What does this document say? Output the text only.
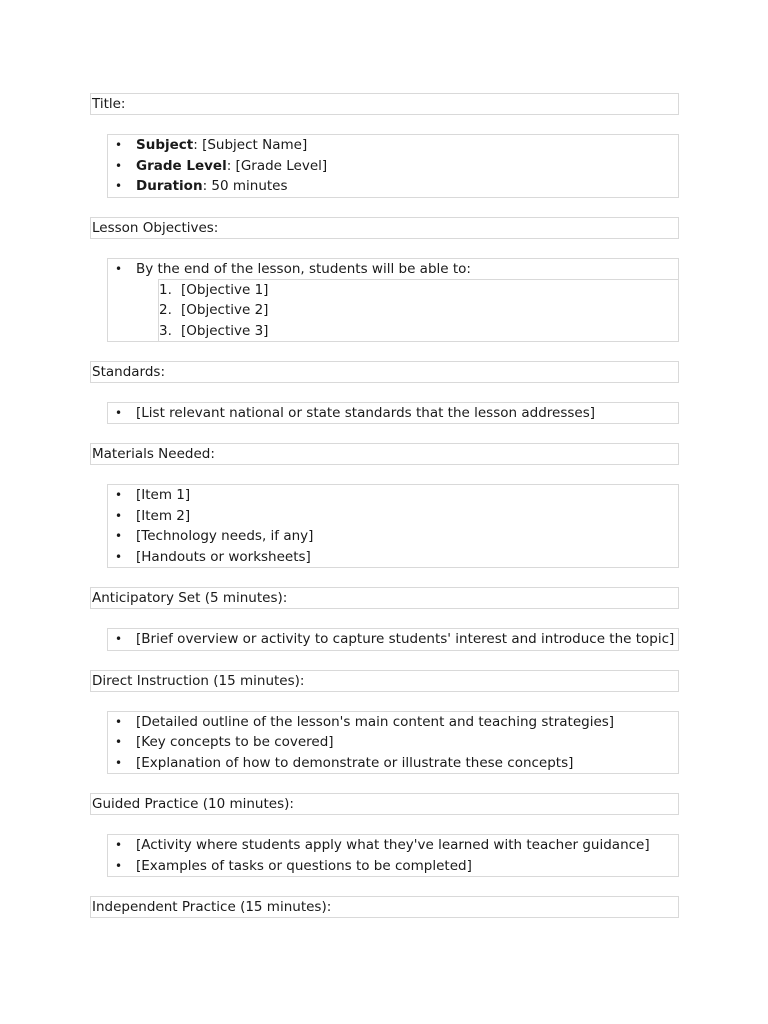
Title:
• Subject: [Subject Name]
• Grade Level: [Grade Level]
• Duration: 50 minutes
Lesson Objectives:
• By the end of the lesson, students will be able to:
1. [Objective 1]
2. [Objective 2]
3. [Objective 3]
Standards:
• [List relevant national or state standards that the lesson addresses]
Materials Needed:
• [Item 1]
• [Item 2]
• [Technology needs, if any]
• [Handouts or worksheets]
Anticipatory Set (5 minutes):
• [Brief overview or activity to capture students' interest and introduce the topic]
Direct Instruction (15 minutes):
• [Detailed outline of the lesson's main content and teaching strategies]
• [Key concepts to be covered]
• [Explanation of how to demonstrate or illustrate these concepts]
Guided Practice (10 minutes):
• [Activity where students apply what they've learned with teacher guidance]
• [Examples of tasks or questions to be completed]
Independent Practice (15 minutes):
